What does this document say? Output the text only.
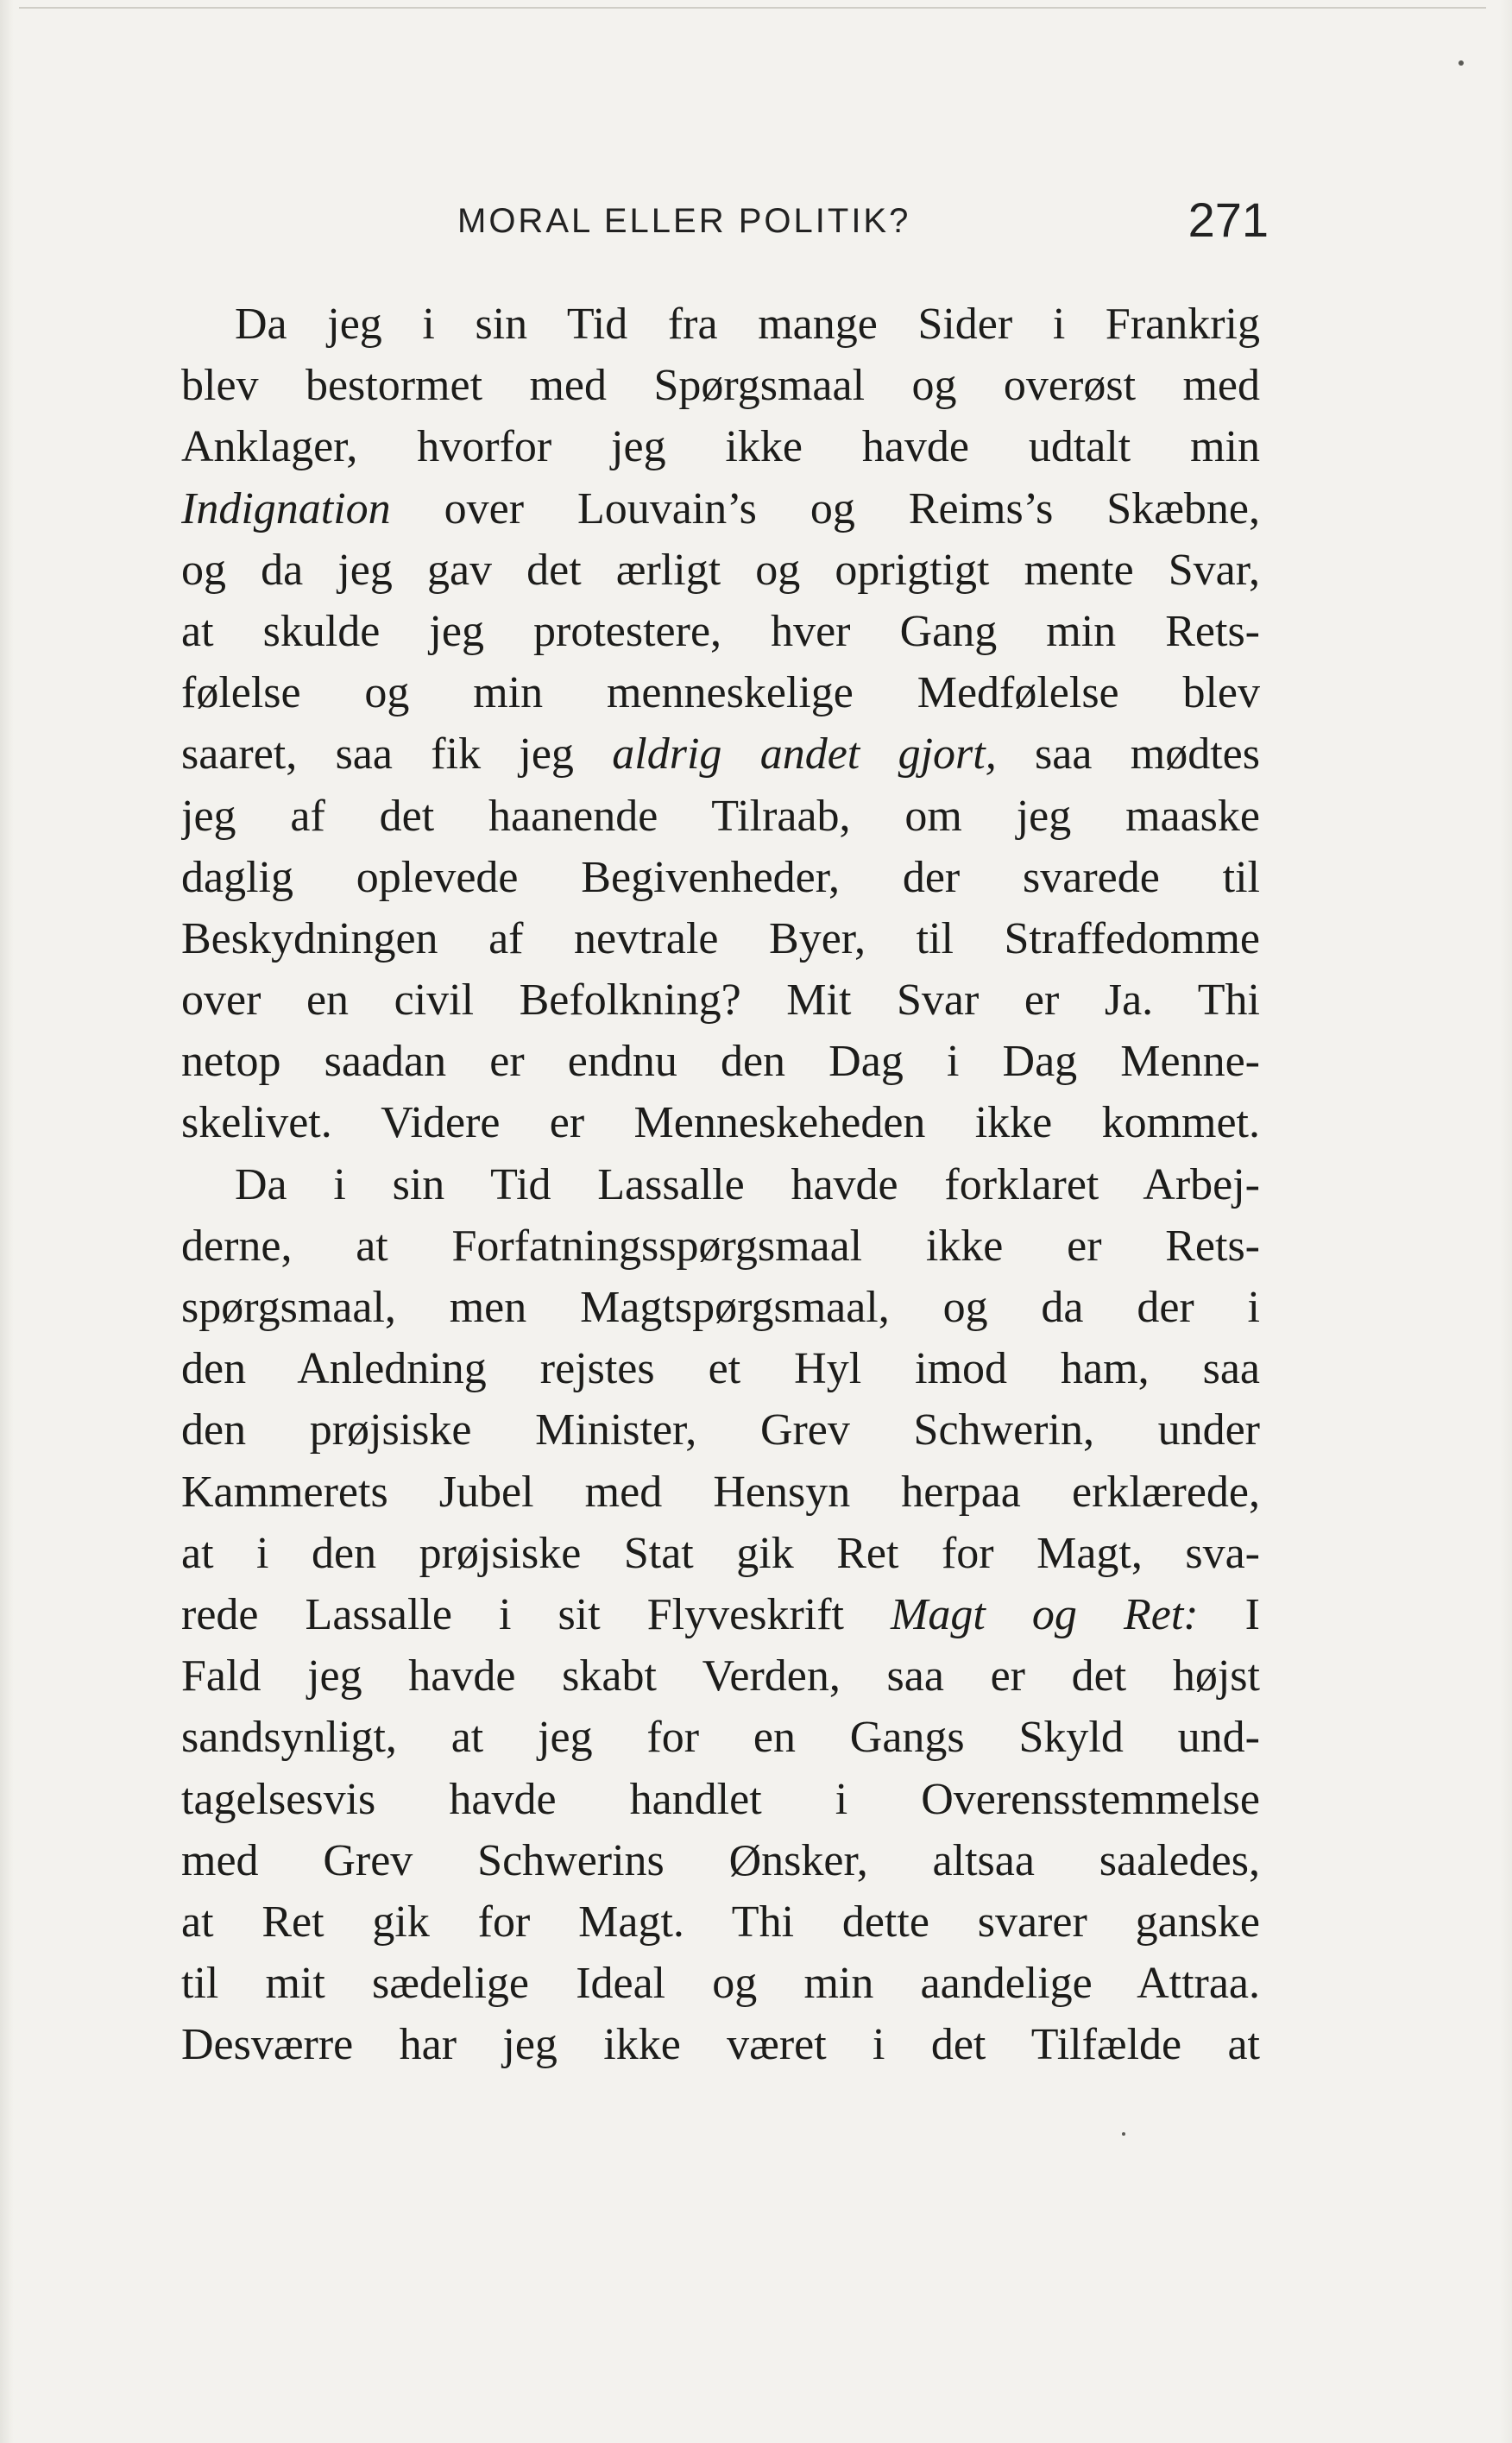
MORAL ELLER POLITIK?	271
Da jeg i sin Tid fra mange Sider i Frankrig
blev bestormet med Spørgsmaal og overøst med
Anklager, hvorfor jeg ikke havde udtalt min
Indignation over Louvain’s og Reims’s Skæbne,
og da jeg gav det ærligt og oprigtigt mente Svar,
at skulde jeg protestere, hver Gang min Rets-
følelse og min menneskelige Medfølelse blev
saaret, saa fik jeg aldrig andet gjort, saa mødtes
jeg af det haanende Tilraab, om jeg maaske
daglig oplevede Begivenheder, der svarede til
Beskydningen af nevtrale Byer, til Straffedomme
over en civil Befolkning? Mit Svar er Ja. Thi
netop saadan er endnu den Dag i Dag Menne-
skelivet. Videre er Menneskeheden ikke kommet.
Da i sin Tid Lassalle havde forklaret Arbej-
derne, at Forfatningsspørgsmaal ikke er Rets-
spørgsmaal, men Magtspørgsmaal, og da der i
den Anledning rejstes et Hyl imod ham, saa
den prøjsiske Minister, Grev Schwerin, under
Kammerets Jubel med Hensyn herpaa erklærede,
at i den prøjsiske Stat gik Ret for Magt, sva-
rede Lassalle i sit Flyveskrift Magt og Ret: I
Fald jeg havde skabt Verden, saa er det højst
sandsynligt, at jeg for en Gangs Skyld und-
tagelsesvis havde handlet i Overensstemmelse
med Grev Schwerins Ønsker, altsaa saaledes,
at Ret gik for Magt. Thi dette svarer ganske
til mit sædelige Ideal og min aandelige Attraa.
Desværre har jeg ikke været i det Tilfælde at
